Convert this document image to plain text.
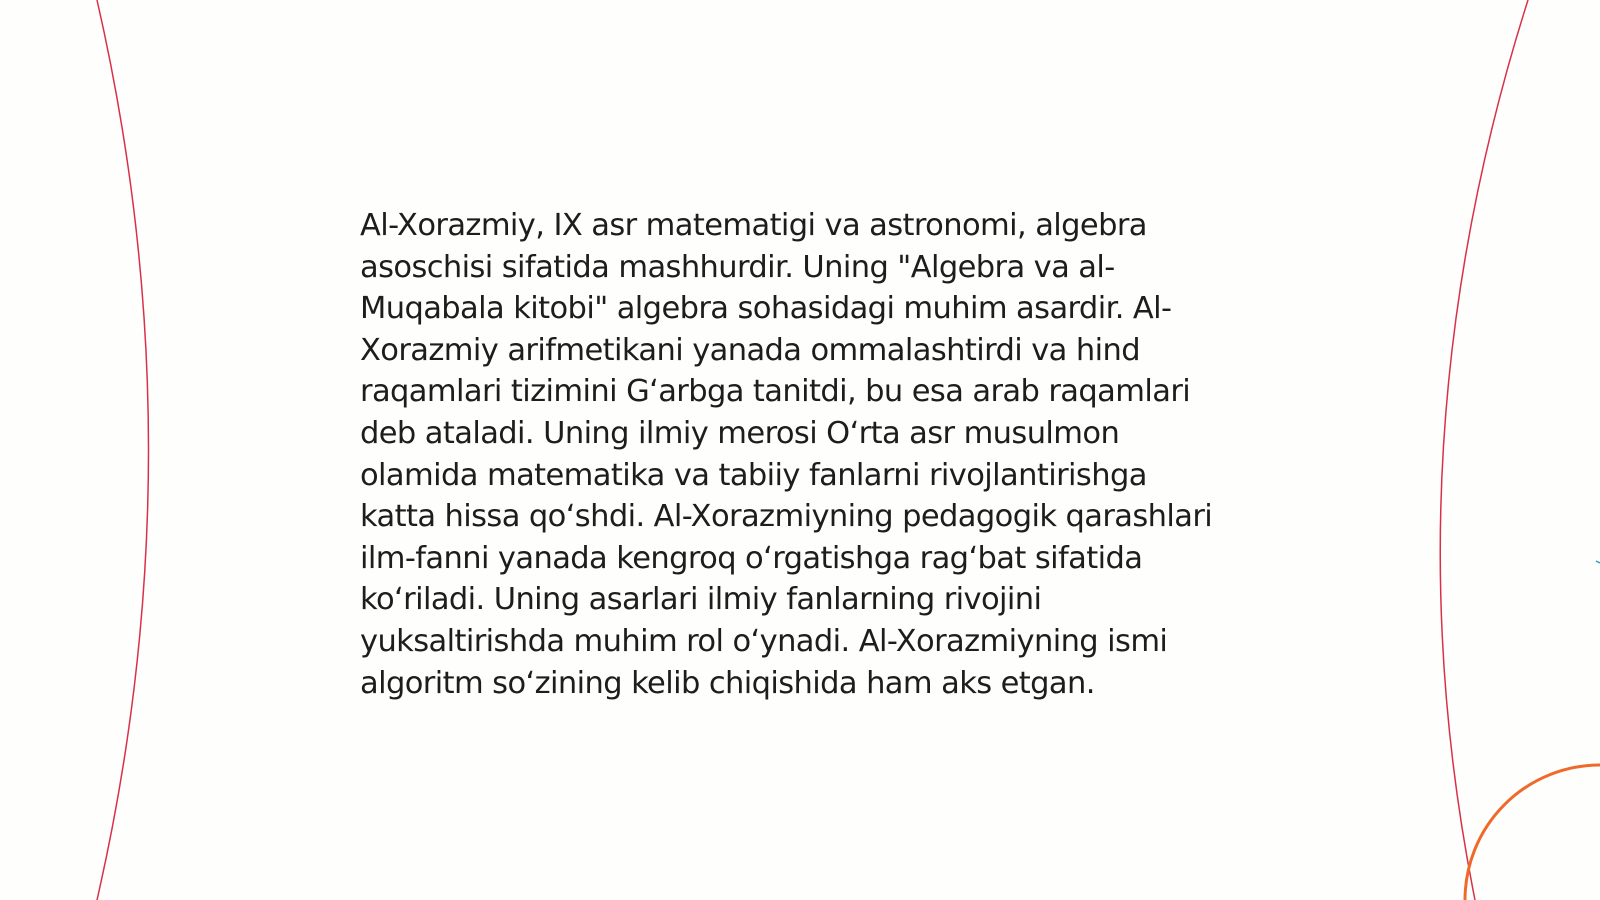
Al-Xorazmiy, IX asr matematigi va astronomi, algebra asoschisi sifatida mashhurdir. Uning "Algebra va al-Muqabala kitobi" algebra sohasidagi muhim asardir. Al-Xorazmiy arifmetikani yanada ommalashtirdi va hind raqamlari tizimini G‘arbga tanitdi, bu esa arab raqamlari deb ataladi. Uning ilmiy merosi O‘rta asr musulmon olamida matematika va tabiiy fanlarni rivojlantirishga katta hissa qo‘shdi. Al-Xorazmiyning pedagogik qarashlari ilm-fanni yanada kengroq o‘rgatishga rag‘bat sifatida ko‘riladi. Uning asarlari ilmiy fanlarning rivojini yuksaltirishda muhim rol o‘ynadi. Al-Xorazmiyning ismi algoritm so‘zining kelib chiqishida ham aks etgan.
